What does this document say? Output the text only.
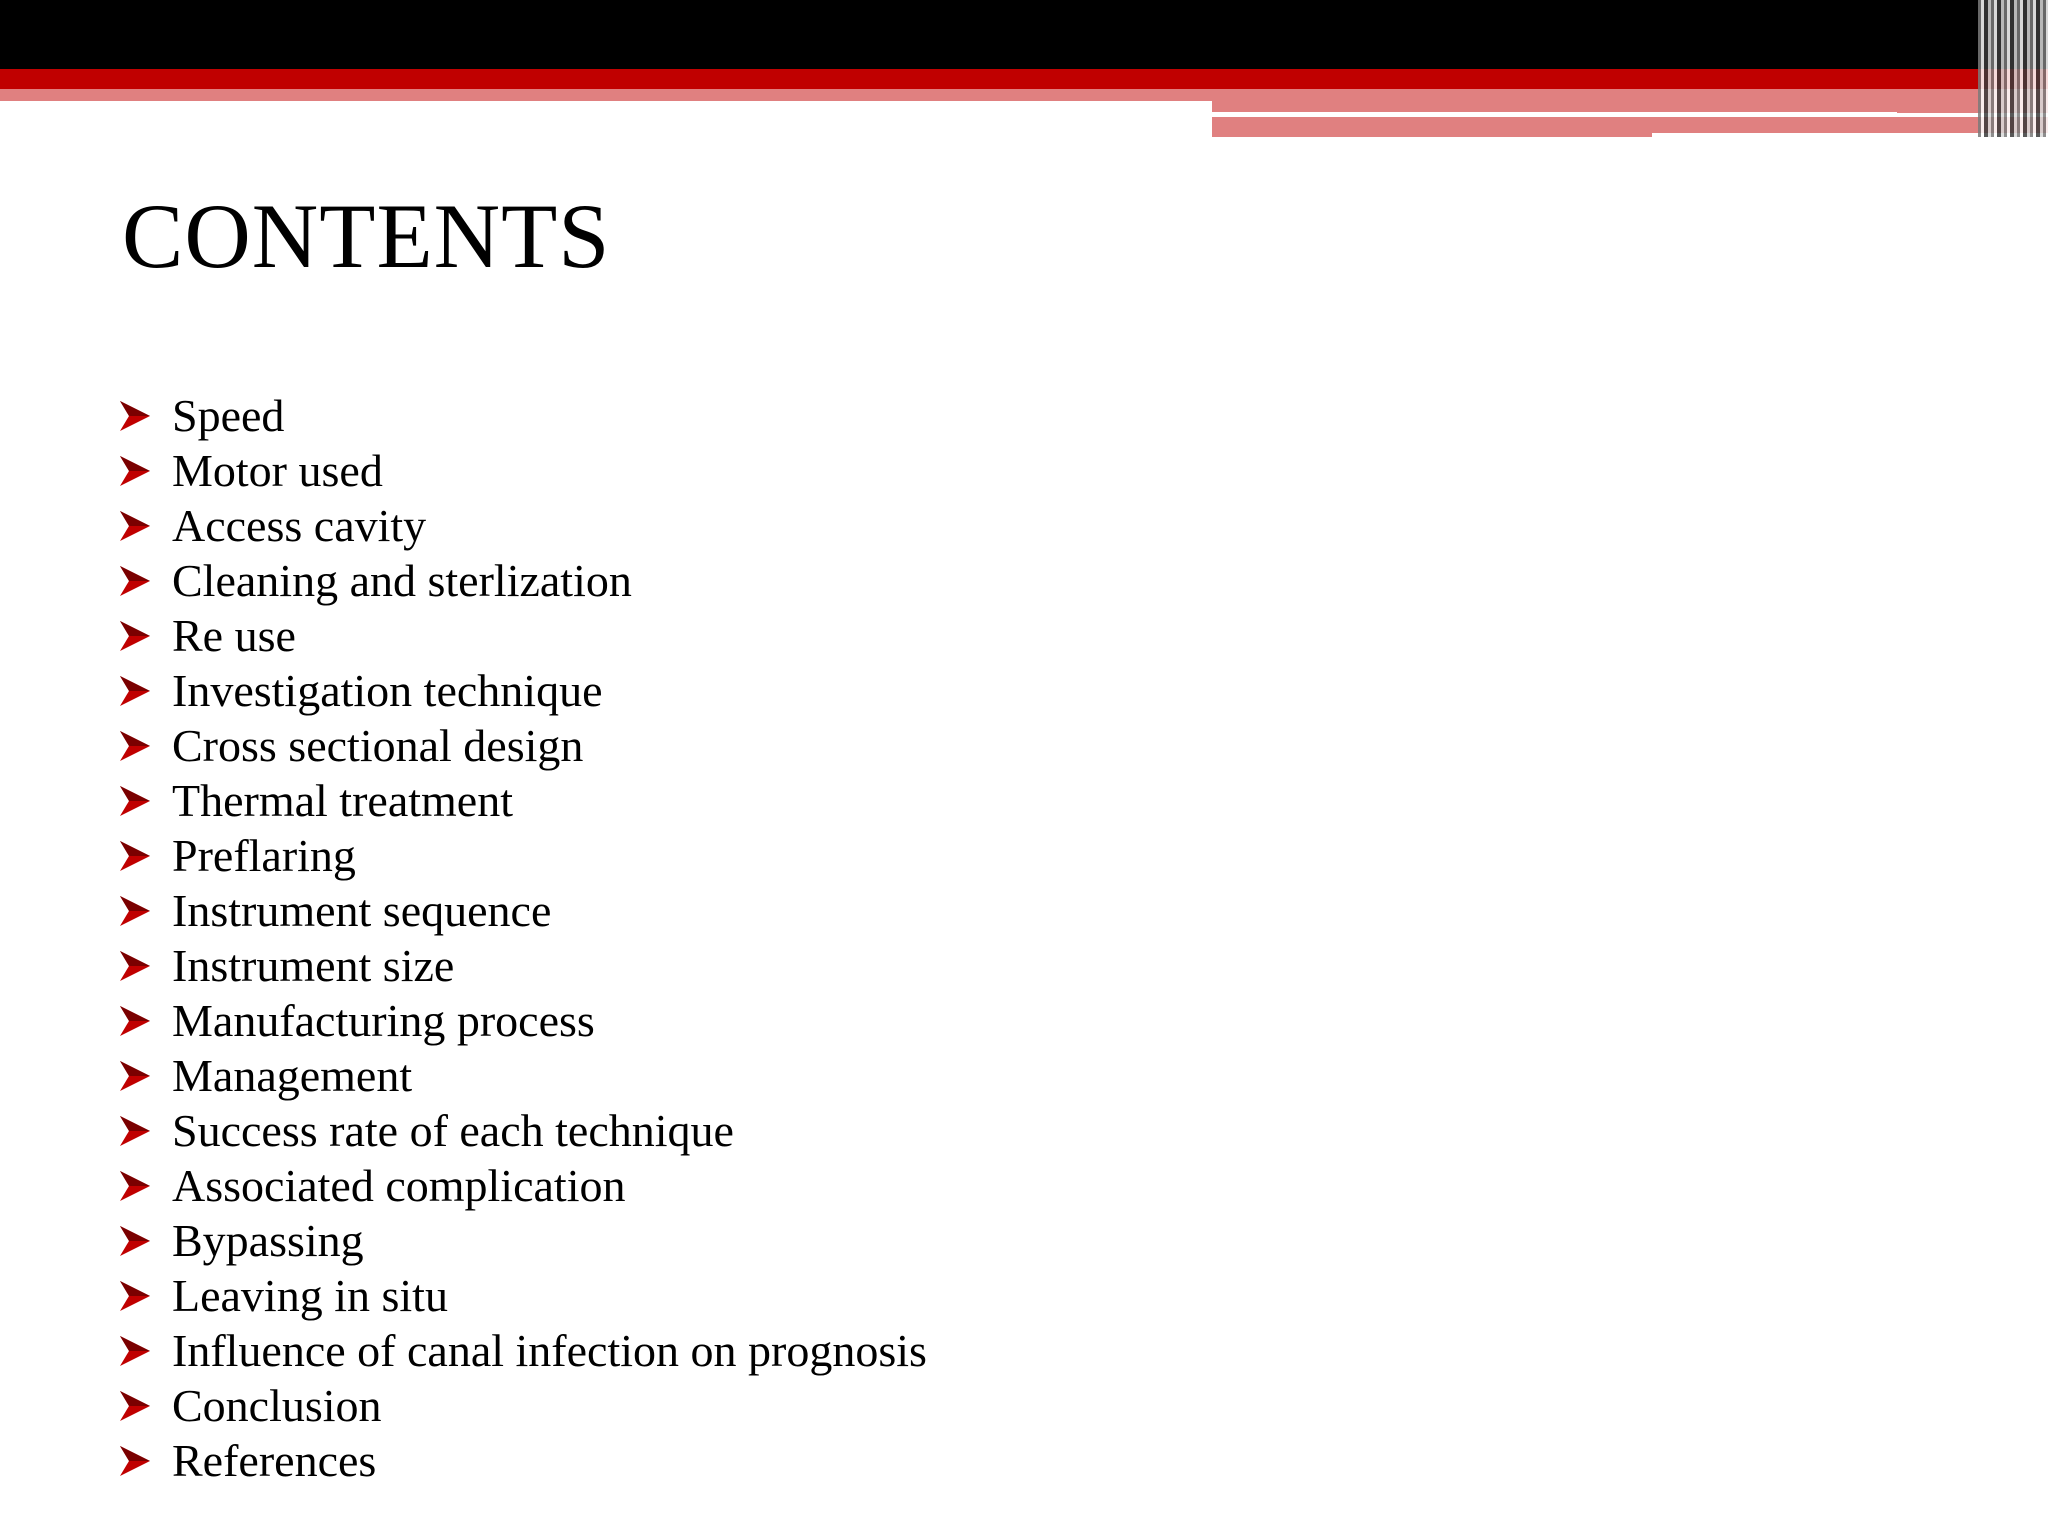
CONTENTS
Speed
Motor used
Access cavity
Cleaning and sterlization
Re use
Investigation technique
Cross sectional design
Thermal treatment
Preflaring
Instrument sequence
Instrument size
Manufacturing process
Management
Success rate of each technique
Associated complication
Bypassing
Leaving in situ
Influence of canal infection on prognosis
Conclusion
References
